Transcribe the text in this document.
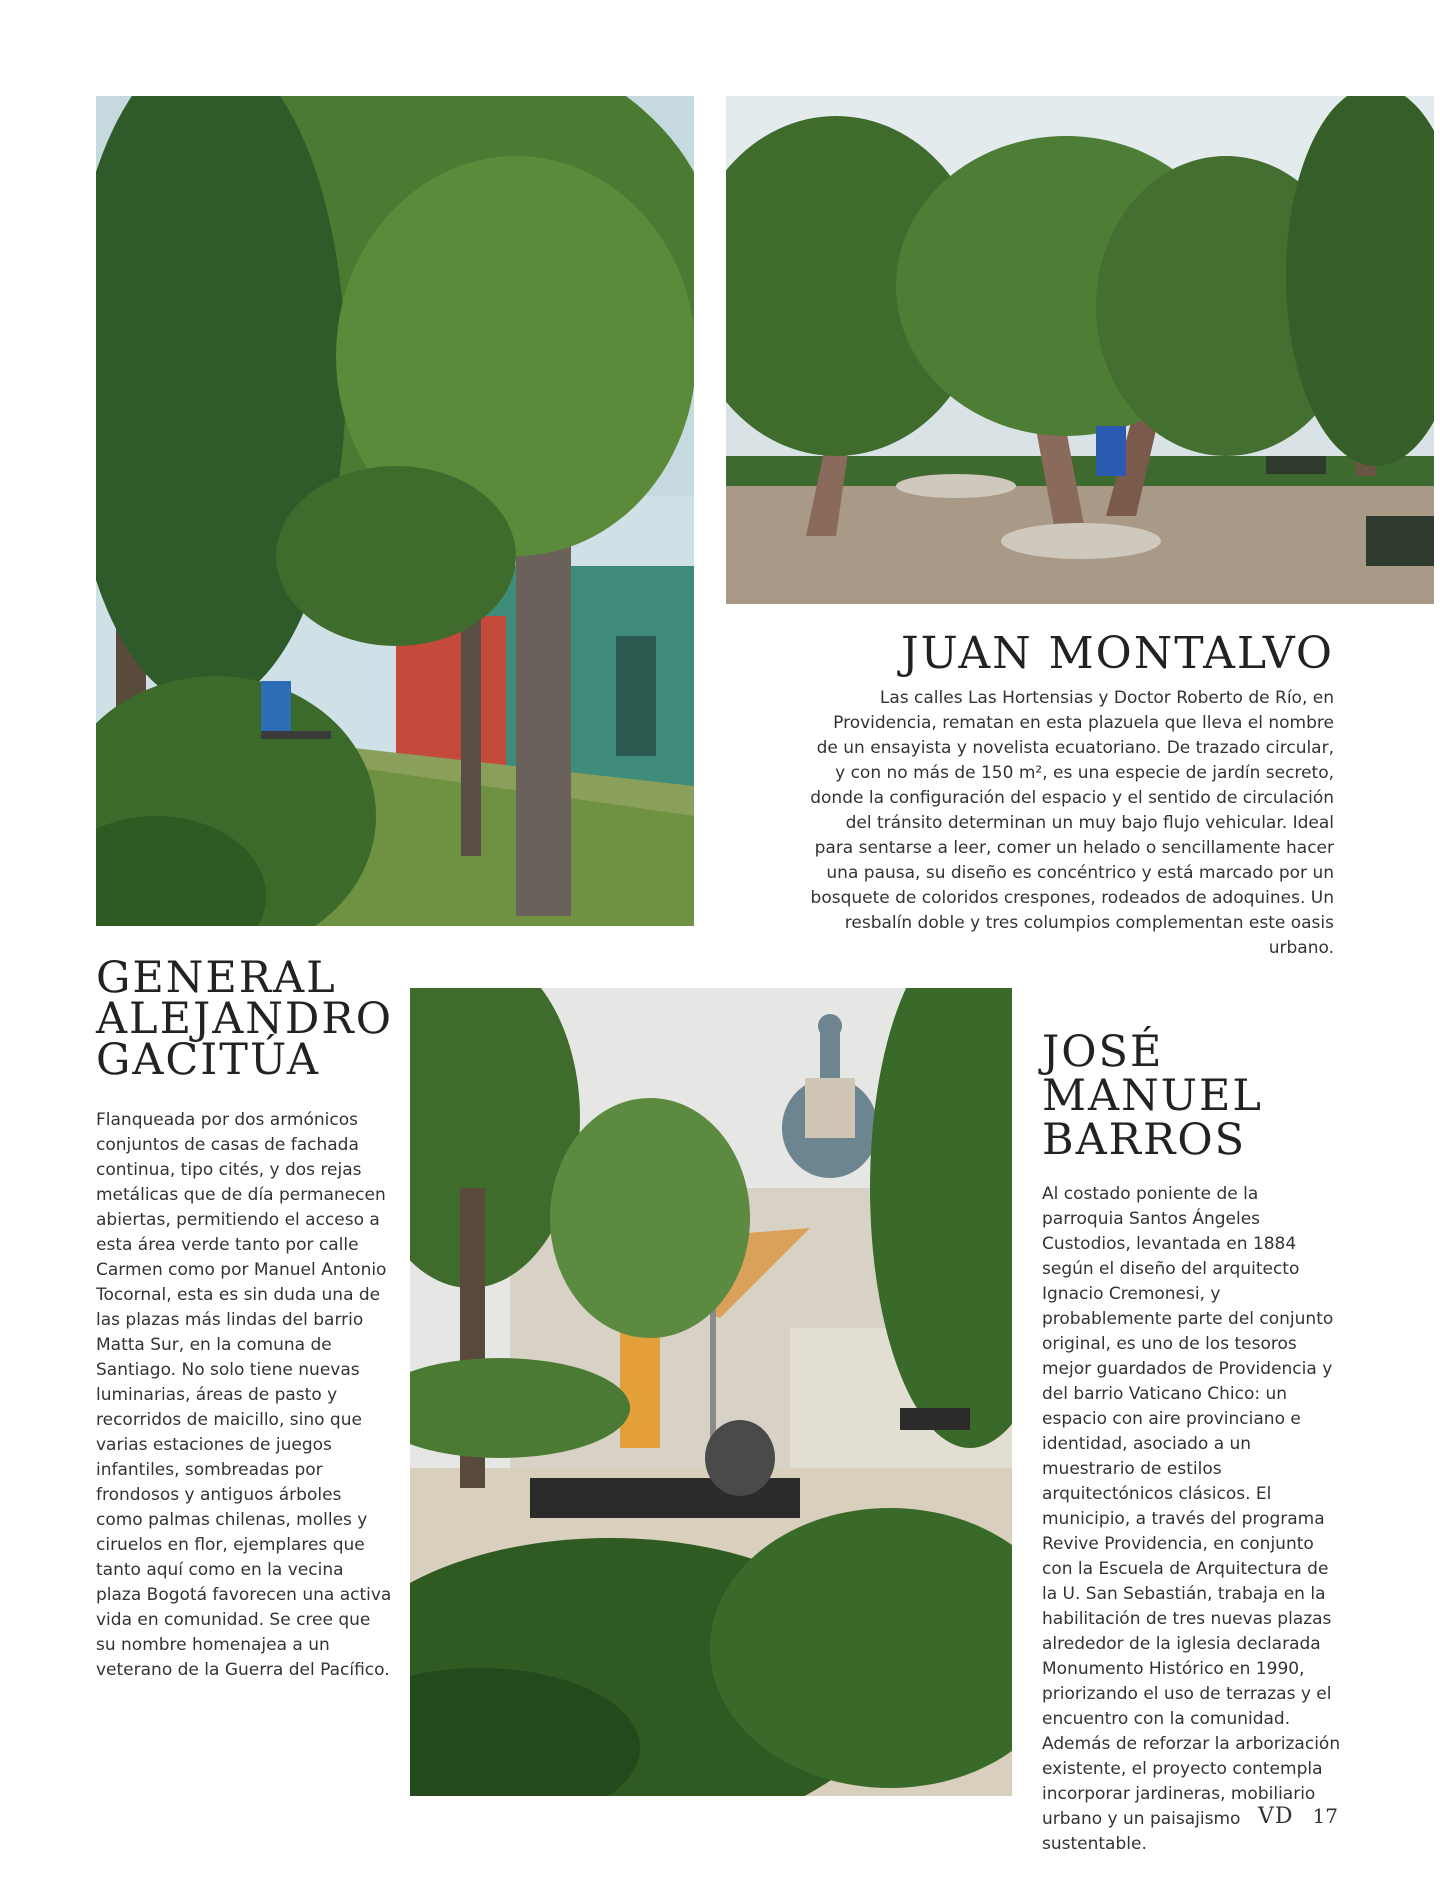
JUAN MONTALVO

Las calles Las Hortensias y Doctor Roberto de Río, en Providencia, rematan en esta plazuela que lleva el nombre de un ensayista y novelista ecuatoriano. De trazado circular, y con no más de 150 m², es una especie de jardín secreto, donde la configuración del espacio y el sentido de circulación del tránsito determinan un muy bajo flujo vehicular. Ideal para sentarse a leer, comer un helado o sencillamente hacer una pausa, su diseño es concéntrico y está marcado por un bosquete de coloridos crespones, rodeados de adoquines. Un resbalín doble y tres columpios complementan este oasis urbano.

GENERAL
ALEJANDRO
GACITÚA

Flanqueada por dos armónicos conjuntos de casas de fachada continua, tipo cités, y dos rejas metálicas que de día permanecen abiertas, permitiendo el acceso a esta área verde tanto por calle Carmen como por Manuel Antonio Tocornal, esta es sin duda una de las plazas más lindas del barrio Matta Sur, en la comuna de Santiago. No solo tiene nuevas luminarias, áreas de pasto y recorridos de maicillo, sino que varias estaciones de juegos infantiles, sombreadas por frondosos y antiguos árboles como palmas chilenas, molles y ciruelos en flor, ejemplares que tanto aquí como en la vecina plaza Bogotá favorecen una activa vida en comunidad. Se cree que su nombre homenajea a un veterano de la Guerra del Pacífico.

JOSÉ
MANUEL
BARROS

Al costado poniente de la parroquia Santos Ángeles Custodios, levantada en 1884 según el diseño del arquitecto Ignacio Cremonesi, y probablemente parte del conjunto original, es uno de los tesoros mejor guardados de Providencia y del barrio Vaticano Chico: un espacio con aire provinciano e identidad, asociado a un muestrario de estilos arquitectónicos clásicos. El municipio, a través del programa Revive Providencia, en conjunto con la Escuela de Arquitectura de la U. San Sebastián, trabaja en la habilitación de tres nuevas plazas alrededor de la iglesia declarada Monumento Histórico en 1990, priorizando el uso de terrazas y el encuentro con la comunidad. Además de reforzar la arborización existente, el proyecto contempla incorporar jardineras, mobiliario urbano y un paisajismo sustentable.

VD 17
